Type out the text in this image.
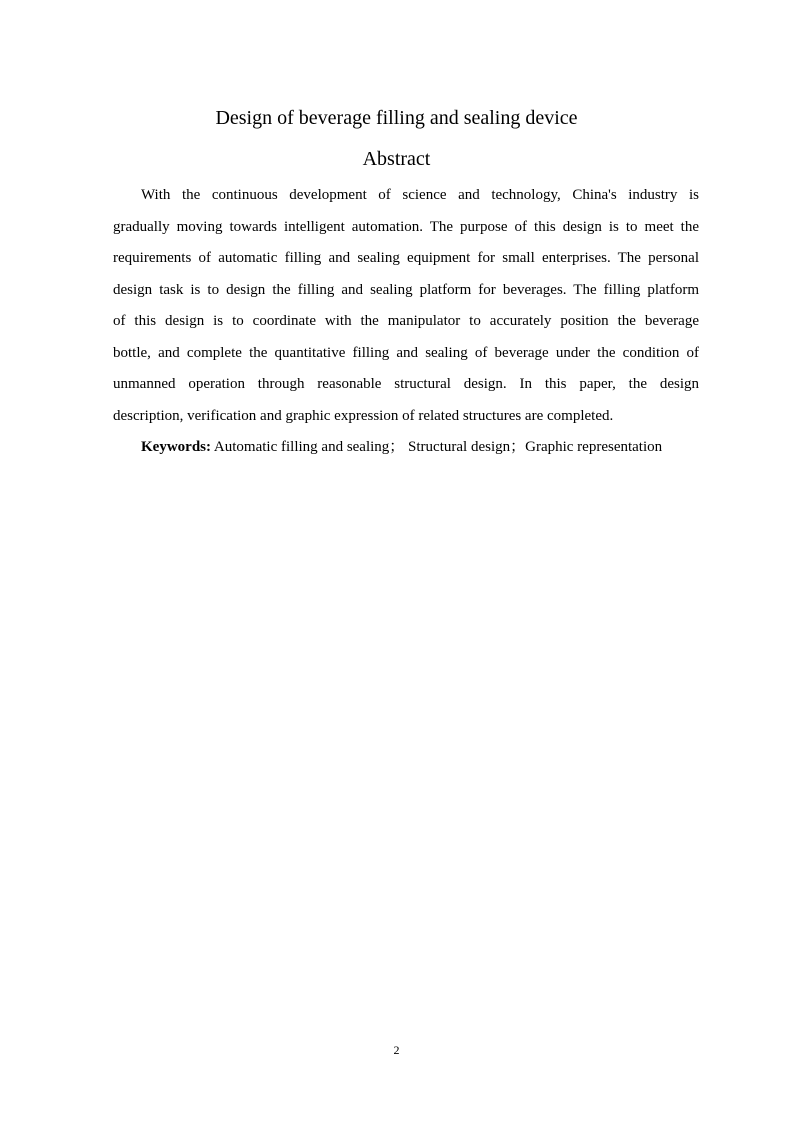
Design of beverage filling and sealing device
Abstract
With the continuous development of science and technology, China's industry is
gradually moving towards intelligent automation. The purpose of this design is to meet the
requirements of automatic filling and sealing equipment for small enterprises. The personal
design task is to design the filling and sealing platform for beverages. The filling platform
of this design is to coordinate with the manipulator to accurately position the beverage
bottle, and complete the quantitative filling and sealing of beverage under the condition of
unmanned operation through reasonable structural design. In this paper, the design
description, verification and graphic expression of related structures are completed.
Keywords: Automatic filling and sealing； Structural design；Graphic representation
2
